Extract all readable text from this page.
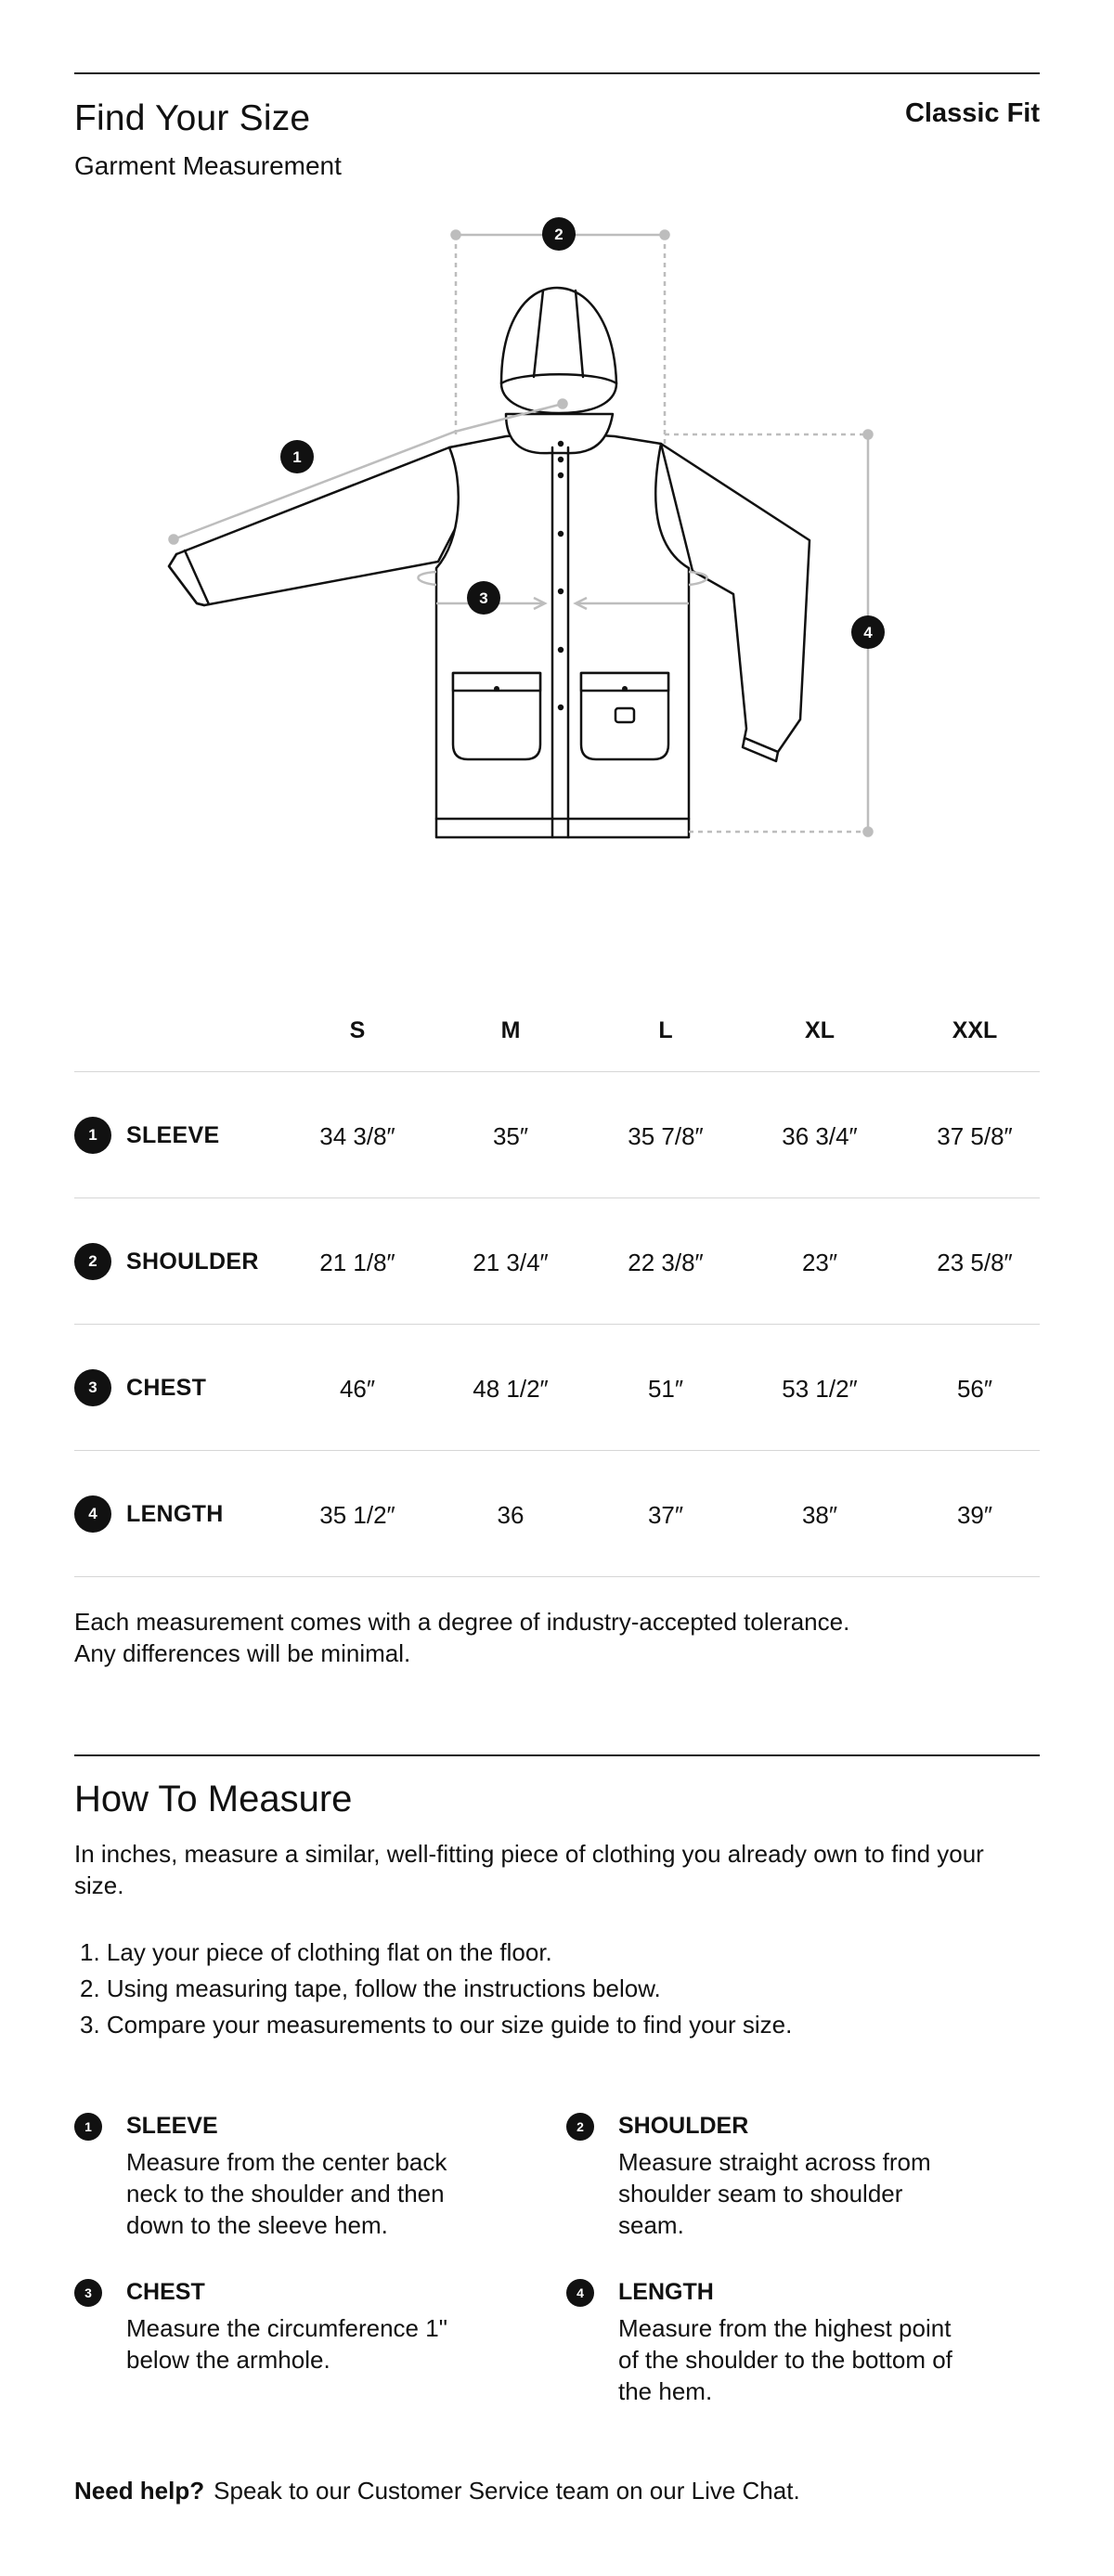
Find Your Size
Garment Measurement
Classic Fit
1
2
3
4
S	M	L	XL	XXL
1	SLEEVE	34 3/8″	35″	35 7/8″	36 3/4″	37 5/8″
2	SHOULDER	21 1/8″	21 3/4″	22 3/8″	23″	23 5/8″
3	CHEST	46″	48 1/2″	51″	53 1/2″	56″
4	LENGTH	35 1/2″	36	37″	38″	39″
Each measurement comes with a degree of industry-accepted tolerance.
Any differences will be minimal.
How To Measure

In inches, measure a similar, well-fitting piece of clothing you already own to find your size.

1. Lay your piece of clothing flat on the floor.
2. Using measuring tape, follow the instructions below.
3. Compare your measurements to our size guide to find your size.
1	SLEEVE
Measure from the center back neck to the shoulder and then down to the sleeve hem.
2	SHOULDER
Measure straight across from shoulder seam to shoulder seam.
3	CHEST
Measure the circumference 1" below the armhole.
4	LENGTH
Measure from the highest point of the shoulder to the bottom of the hem.
Need help? Speak to our Customer Service team on our Live Chat.
